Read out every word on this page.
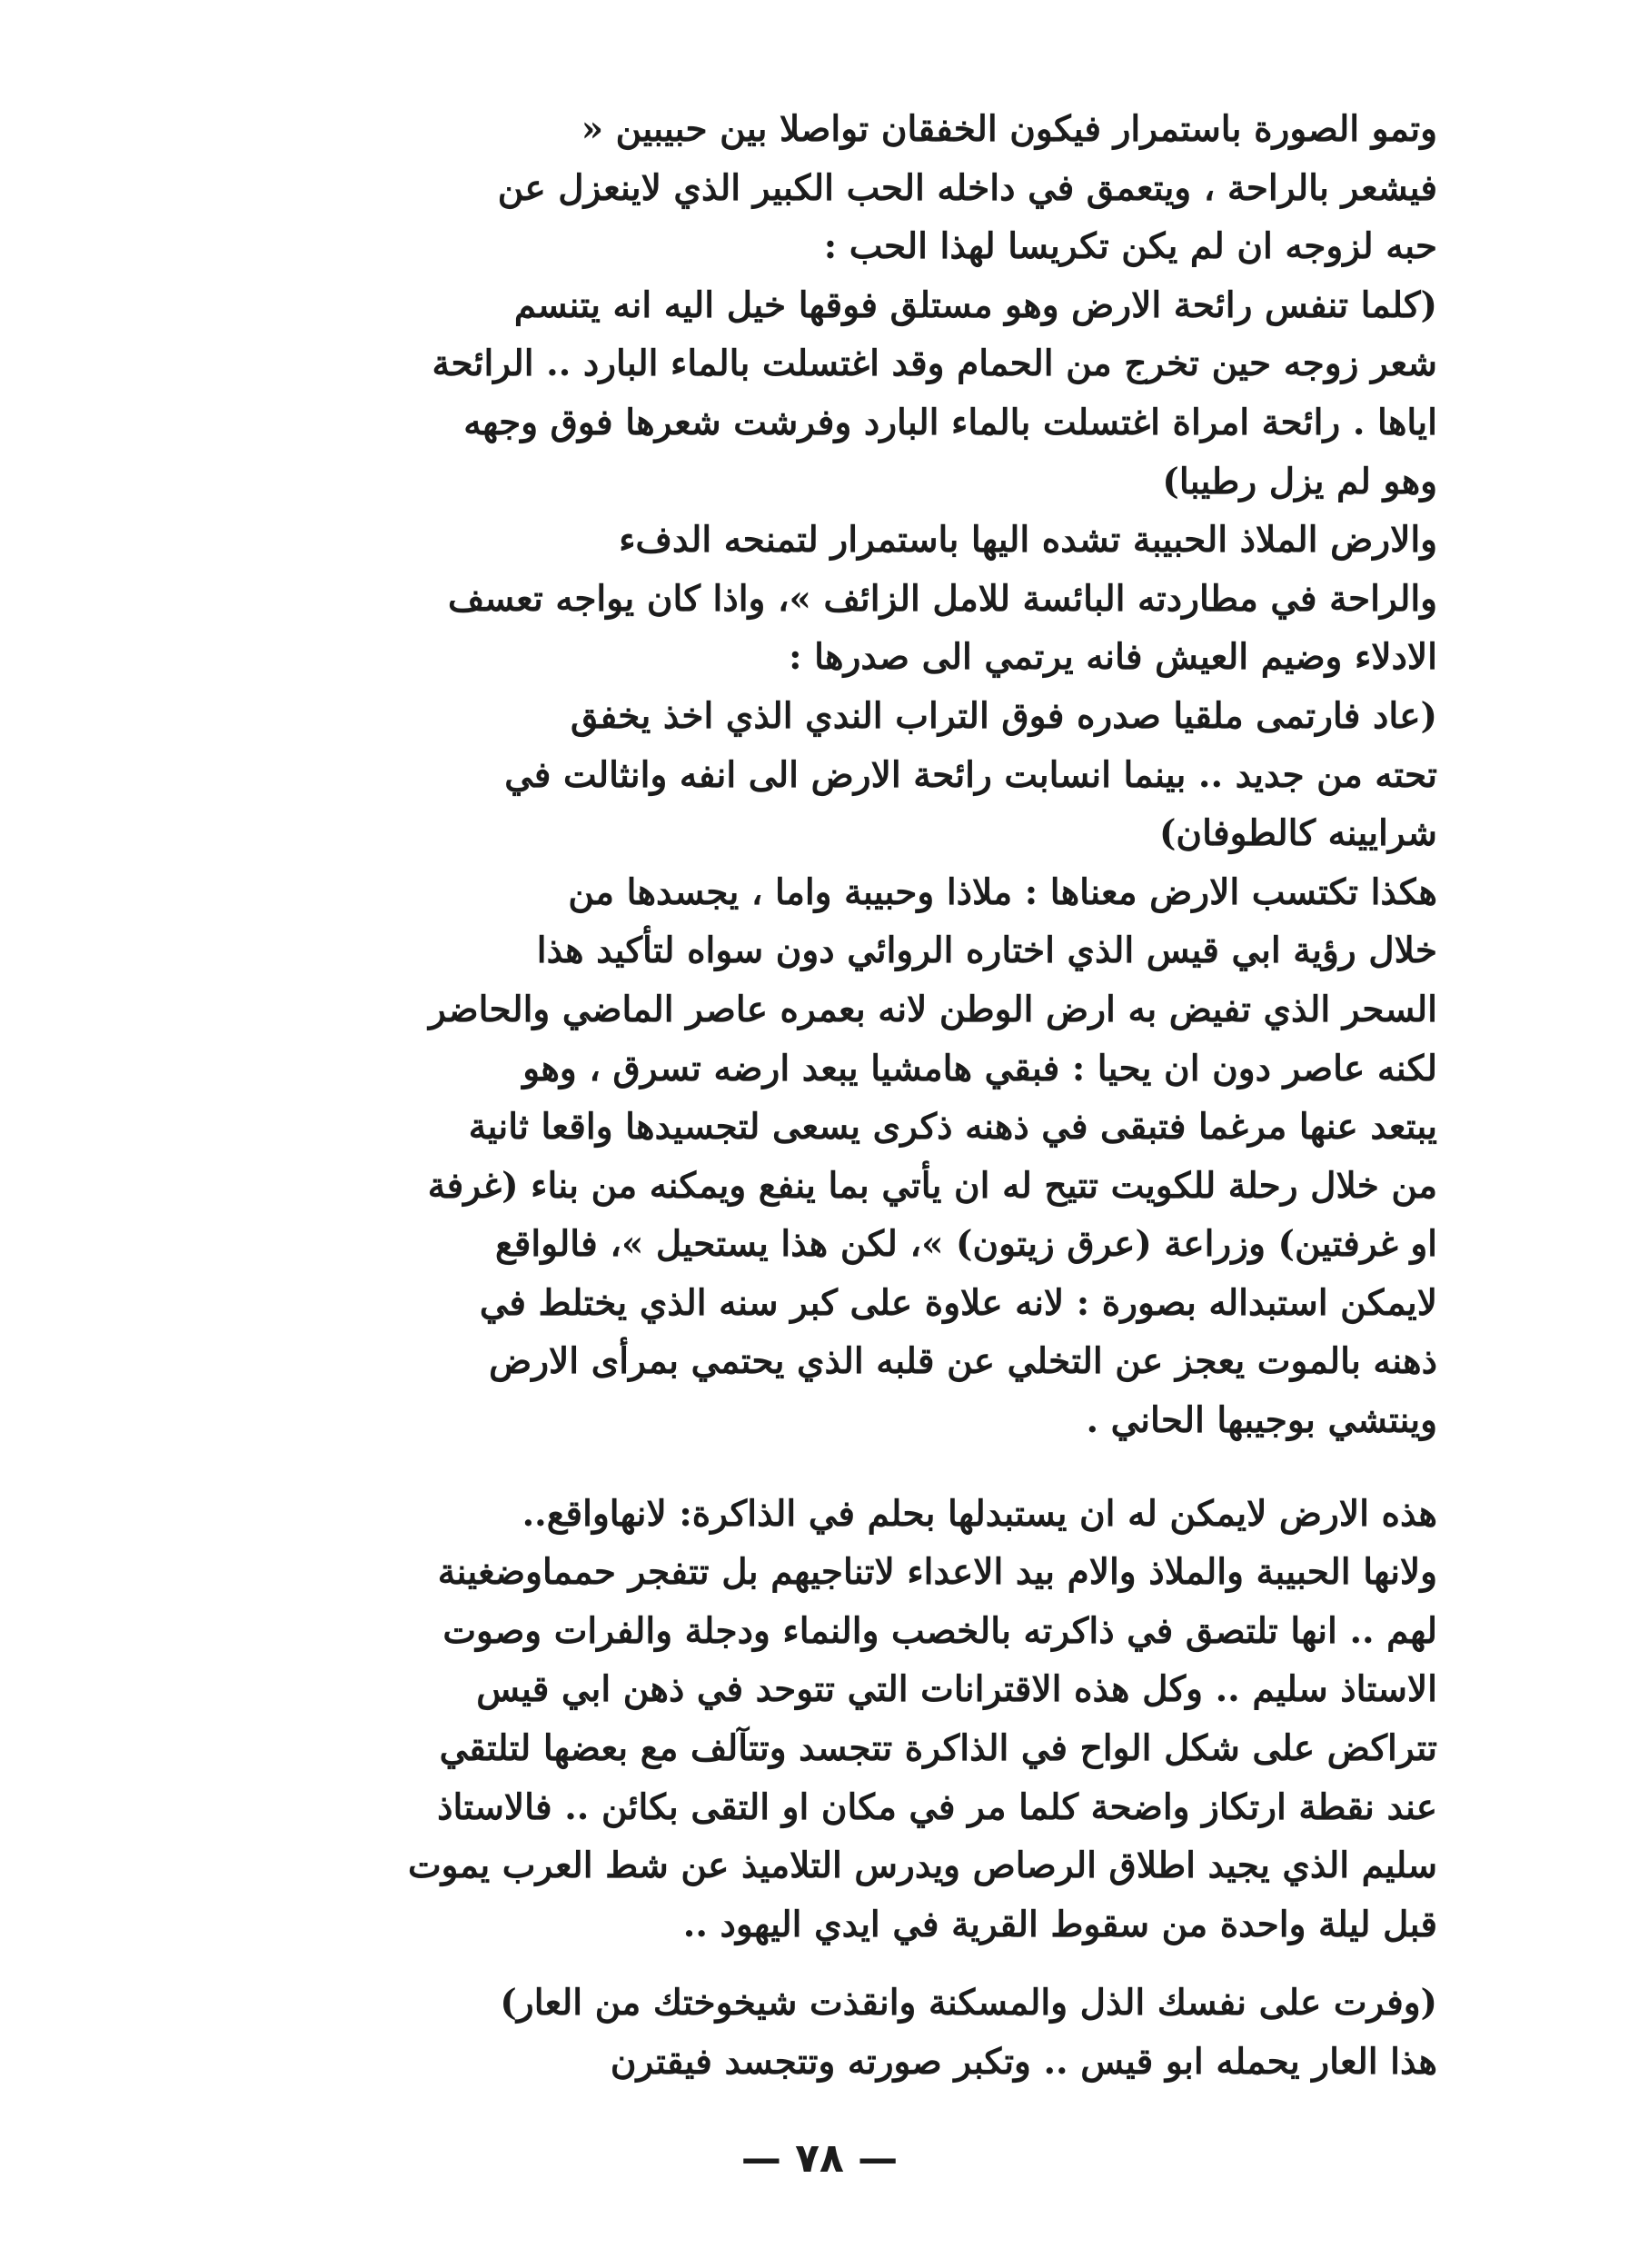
وتمو الصورة باستمرار فيكون الخفقان تواصلا بين حبيبين «
فيشعر بالراحة ، ويتعمق في داخله الحب الكبير الذي لاينعزل عن
حبه لزوجه ان لم يكن تكريسا لهذا الحب :
(كلما تنفس رائحة الارض وهو مستلق فوقها خيل اليه انه يتنسم
شعر زوجه حين تخرج من الحمام وقد اغتسلت بالماء البارد .. الرائحة
اياها . رائحة امراة اغتسلت بالماء البارد وفرشت شعرها فوق وجهه
وهو لم يزل رطيبا)
والارض الملاذ الحبيبة تشده اليها باستمرار لتمنحه الدفء
والراحة في مطاردته البائسة للامل الزائف »، واذا كان يواجه تعسف
الادلاء وضيم العيش فانه يرتمي الى صدرها :
(عاد فارتمى ملقيا صدره فوق التراب الندي الذي اخذ يخفق
تحته من جديد .. بينما انسابت رائحة الارض الى انفه وانثالت في
شرايينه كالطوفان)
هكذا تكتسب الارض معناها : ملاذا وحبيبة واما ، يجسدها من
خلال رؤية ابي قيس الذي اختاره الروائي دون سواه لتأكيد هذا
السحر الذي تفيض به ارض الوطن لانه بعمره عاصر الماضي والحاضر
لكنه عاصر دون ان يحيا : فبقي هامشيا يبعد ارضه تسرق ، وهو
يبتعد عنها مرغما فتبقى في ذهنه ذكرى يسعى لتجسيدها واقعا ثانية
من خلال رحلة للكويت تتيح له ان يأتي بما ينفع ويمكنه من بناء (غرفة
او غرفتين) وزراعة (عرق زيتون) »، لكن هذا يستحيل »، فالواقع
لايمكن استبداله بصورة : لانه علاوة على كبر سنه الذي يختلط في
ذهنه بالموت يعجز عن التخلي عن قلبه الذي يحتمي بمرأى الارض
وينتشي بوجيبها الحاني .
هذه الارض لايمكن له ان يستبدلها بحلم في الذاكرة: لانهاواقع..
ولانها الحبيبة والملاذ والام بيد الاعداء لاتناجيهم بل تتفجر حمماوضغينة
لهم .. انها تلتصق في ذاكرته بالخصب والنماء ودجلة والفرات وصوت
الاستاذ سليم .. وكل هذه الاقترانات التي تتوحد في ذهن ابي قيس
تتراكض على شكل الواح في الذاكرة تتجسد وتتآلف مع بعضها لتلتقي
عند نقطة ارتكاز واضحة كلما مر في مكان او التقى بكائن .. فالاستاذ
سليم الذي يجيد اطلاق الرصاص ويدرس التلاميذ عن شط العرب يموت
قبل ليلة واحدة من سقوط القرية في ايدي اليهود ..
(وفرت على نفسك الذل والمسكنة وانقذت شيخوختك من العار)
هذا العار يحمله ابو قيس .. وتكبر صورته وتتجسد فيقترن
— ٧٨ —
